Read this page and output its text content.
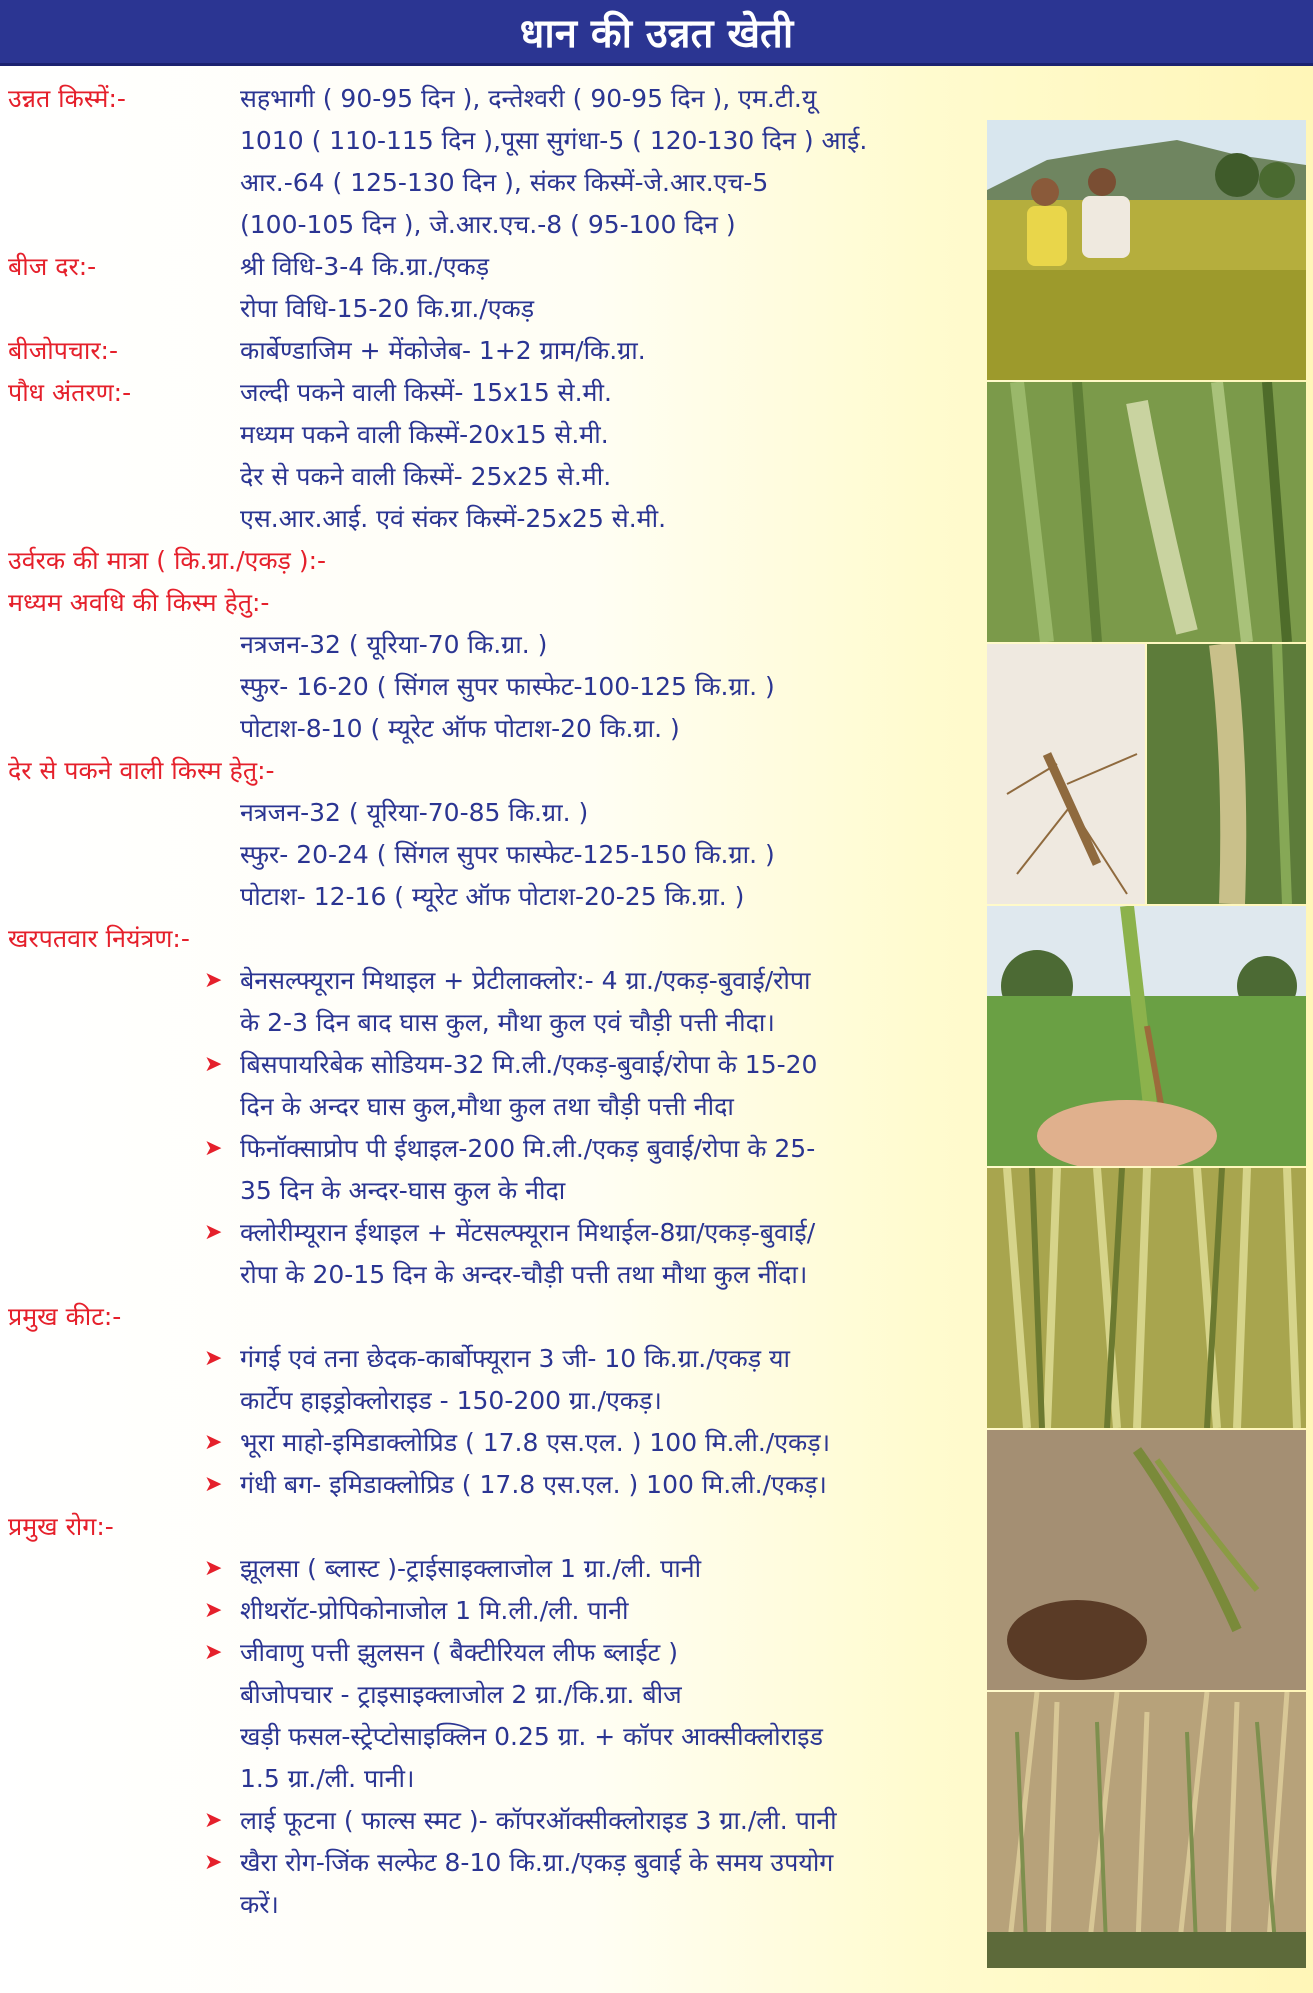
धान की उन्नत खेती
उन्नत किस्में:-	सहभागी ( 90-95 दिन ), दन्तेश्वरी ( 90-95 दिन ), एम.टी.यू
1010 ( 110-115 दिन ),पूसा सुगंधा-5 ( 120-130 दिन ) आई.
आर.-64 ( 125-130 दिन ), संकर किस्में-जे.आर.एच-5
(100-105 दिन ), जे.आर.एच.-8 ( 95-100 दिन )
बीज दर:-	श्री विधि-3-4 कि.ग्रा./एकड़
रोपा विधि-15-20 कि.ग्रा./एकड़
बीजोपचार:-	कार्बेण्डाजिम + मेंकोजेब- 1+2 ग्राम/कि.ग्रा.
पौध अंतरण:-	जल्दी पकने वाली किस्में- 15x15 से.मी.
मध्यम पकने वाली किस्में-20x15 से.मी.
देर से पकने वाली किस्में- 25x25 से.मी.
एस.आर.आई. एवं संकर किस्में-25x25 से.मी.
उर्वरक की मात्रा ( कि.ग्रा./एकड़ ):-
मध्यम अवधि की किस्म हेतु:-
नत्रजन-32 ( यूरिया-70 कि.ग्रा. )
स्फुर- 16-20 ( सिंगल सुपर फास्फेट-100-125 कि.ग्रा. )
पोटाश-8-10 ( म्यूरेट ऑफ पोटाश-20 कि.ग्रा. )
देर से पकने वाली किस्म हेतु:-
नत्रजन-32 ( यूरिया-70-85 कि.ग्रा. )
स्फुर- 20-24 ( सिंगल सुपर फास्फेट-125-150 कि.ग्रा. )
पोटाश- 12-16 ( म्यूरेट ऑफ पोटाश-20-25 कि.ग्रा. )
खरपतवार नियंत्रण:-
➤ बेनसल्फ्यूरान मिथाइल + प्रेटीलाक्लोर:- 4 ग्रा./एकड़-बुवाई/रोपा
के 2-3 दिन बाद घास कुल, मौथा कुल एवं चौड़ी पत्ती नीदा।
➤ बिसपायरिबेक सोडियम-32 मि.ली./एकड़-बुवाई/रोपा के 15-20
दिन के अन्दर घास कुल,मौथा कुल तथा चौड़ी पत्ती नीदा
➤ फिनॉक्साप्रोप पी ईथाइल-200 मि.ली./एकड़ बुवाई/रोपा के 25-
35 दिन के अन्दर-घास कुल के नीदा
➤ क्लोरीम्यूरान ईथाइल + मेंटसल्फ्यूरान मिथाईल-8ग्रा/एकड़-बुवाई/
रोपा के 20-15 दिन के अन्दर-चौड़ी पत्ती तथा मौथा कुल नींदा।
प्रमुख कीट:-
➤ गंगई एवं तना छेदक-कार्बोफ्यूरान 3 जी- 10 कि.ग्रा./एकड़ या
कार्टेप हाइड्रोक्लोराइड - 150-200 ग्रा./एकड़।
➤ भूरा माहो-इमिडाक्लोप्रिड ( 17.8 एस.एल. ) 100 मि.ली./एकड़।
➤ गंधी बग- इमिडाक्लोप्रिड ( 17.8 एस.एल. ) 100 मि.ली./एकड़।
प्रमुख रोग:-
➤ झूलसा ( ब्लास्ट )-ट्राईसाइक्लाजोल 1 ग्रा./ली. पानी
➤ शीथरॉट-प्रोपिकोनाजोल 1 मि.ली./ली. पानी
➤ जीवाणु पत्ती झुलसन ( बैक्टीरियल लीफ ब्लाईट )
बीजोपचार - ट्राइसाइक्लाजोल 2 ग्रा./कि.ग्रा. बीज
खड़ी फसल-स्ट्रेप्टोसाइक्लिन 0.25 ग्रा. + कॉपर आक्सीक्लोराइड
1.5 ग्रा./ली. पानी।
➤ लाई फूटना ( फाल्स स्मट )- कॉपरऑक्सीक्लोराइड 3 ग्रा./ली. पानी
➤ खैरा रोग-जिंक सल्फेट 8-10 कि.ग्रा./एकड़ बुवाई के समय उपयोग
करें।
